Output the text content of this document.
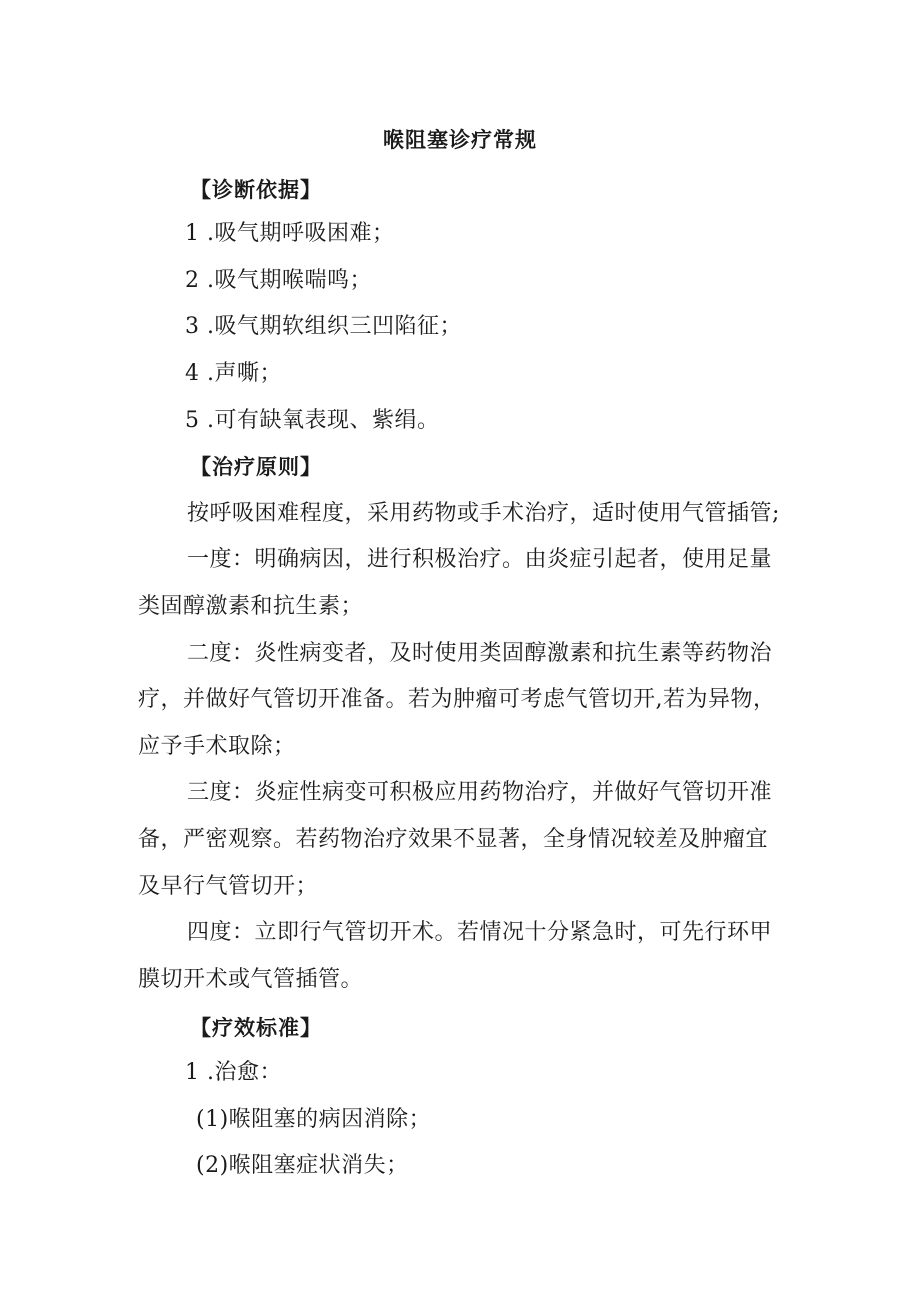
喉阻塞诊疗常规
【诊断依据】
1 .吸气期呼吸困难；
2 .吸气期喉喘鸣；
3 .吸气期软组织三凹陷征；
4 .声嘶；
5 .可有缺氧表现、紫绢。
【治疗原则】
按呼吸困难程度，采用药物或手术治疗，适时使用气管插管;
一度：明确病因，进行积极治疗。由炎症引起者，使用足量
类固醇激素和抗生素；
二度：炎性病变者，及时使用类固醇激素和抗生素等药物治
疗，并做好气管切开准备。若为肿瘤可考虑气管切开,若为异物，
应予手术取除；
三度：炎症性病变可积极应用药物治疗，并做好气管切开准
备，严密观察。若药物治疗效果不显著，全身情况较差及肿瘤宜
及早行气管切开；
四度：立即行气管切开术。若情况十分紧急时，可先行环甲
膜切开术或气管插管。
【疗效标准】
1 .治愈：
(1)喉阻塞的病因消除；
(2)喉阻塞症状消失；
